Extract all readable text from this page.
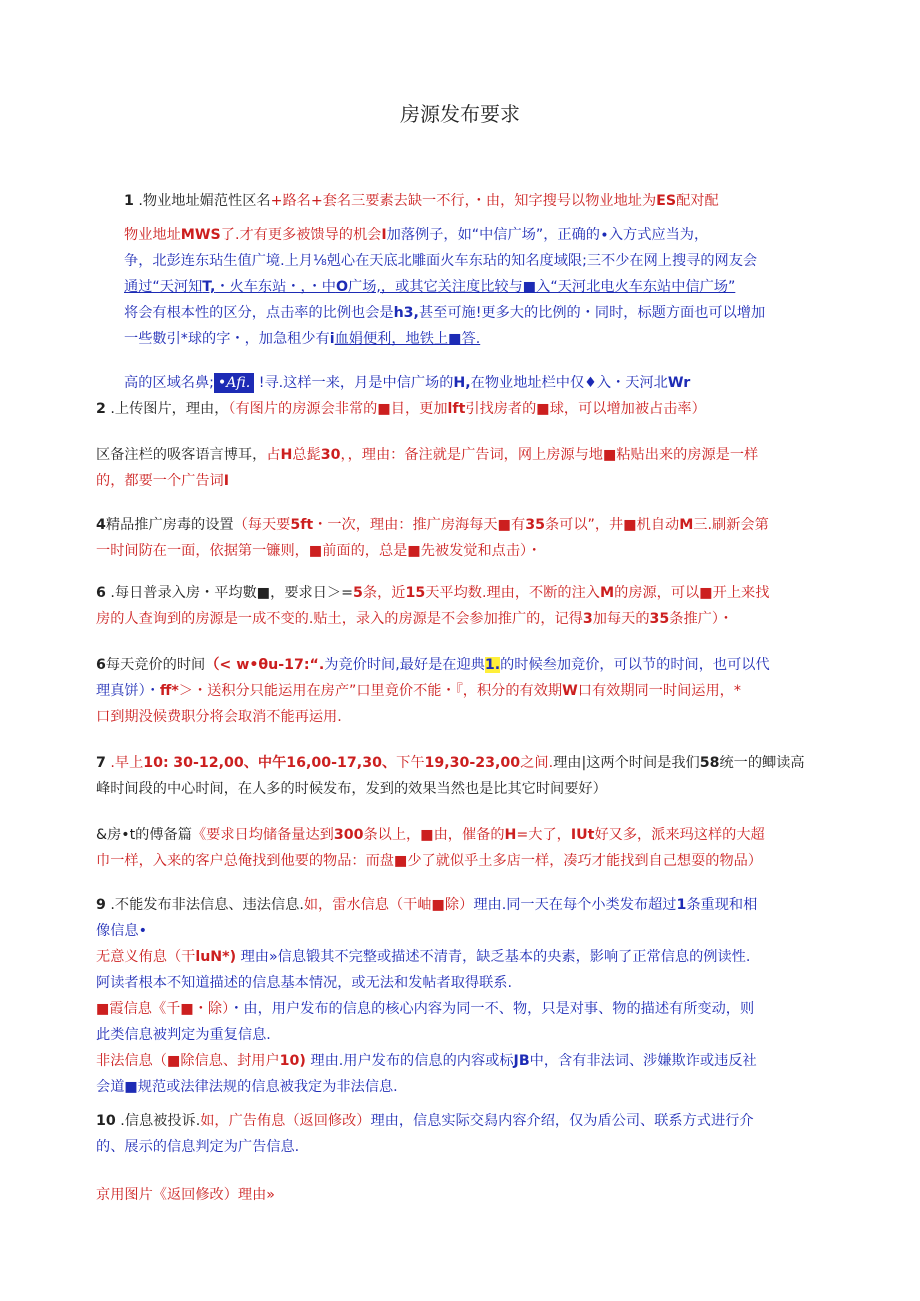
房源发布要求
1 .物业地址媚范性区名+路名+套名三要素去缺一不行，・由，知字搜号以物业地址为ES配对配
物业地址MWS了.才有更多被馈导的机会I加落例子，如“中信广场”，正确的∙入方式应当为，
争，北彭连东玷生值广境.上月⅛剋心在天底北雕面火车东玷的知名度域限;三不少在网上搜寻的网友会
通过“天河知T,・火车东站・，・中O广场,，或其它关注度比较与■入“天河北电火车东站中信广场”
将会有根本性的区分，点击率的比例也会是h3,甚至可施!更多大的比例的・同时，标题方面也可以增加
一些數引*球的字・，加急租少有i血娟便利，地铁上■答.
高的区域名鼻; •Afi. !寻.这样一来，月是中信广场的H,在物业地址栏中仅♦入・天河北Wr
2 .上传图片，理由，（有图片的房源会非常的■目，更加lft引找房者的■球，可以增加被占击率）
区备注栏的吸客语言博耳，占H总髭30，，理由：备注就是广告词，网上房源与地■粘贴出来的房源是一样
的，都要一个广告词I
4精品推广房毒的设置（每天要5ft・一次，理由：推广房海每天■有35条可以”，井■机自动M三.刷新会第
一时间防在一面，依据第一镰则，■前面的，总是■先被发觉和点击）・
6 .每日普录入房・平均數■，要求日＞=5条，近15天平均数.理由，不断的注入M的房源，可以■开上来找
房的人查询到的房源是一成不变的.贴土，录入的房源是不会参加推广的，记得3加每天的35条推广）・
6每天竞价的时间（< w•θu-17:“.为竞价时间,最好是在迎典1.的时候叁加竞价，可以节的时间，也可以代
理真饼）・ff*＞・送积分只能运用在房产”口里竟价不能・『，积分的有效期W口有效期同一时间运用，*
口到期没候费职分将会取消不能再运用.
7 .早上10: 30-12,00、中午16,00-17,30、下午19,30-23,00之间.理由|这两个时间是我们58统一的鲫读高
峰时间段的中心时间，在人多的时候发布，发到的效果当然也是比其它时间要好）
&房•t的傅备篇《要求日均储备量达到300条以上，■由，催备的H=大了，IUt好又多，派来玛这样的大超
巾一样，入来的客户总俺找到他要的物品：而盘■少了就似乎土多店一样，凑巧才能找到自己想耍的物品）
9 .不能发布非法信息、违法信息.如，雷水信息（干岫■除）理由.同一天在每个小类发布超过1条重现和相
像信息•
无意义侑息（干luN*) 理由»信息锻其不完整或描述不清青，缺乏基本的央素，影响了正常信息的例读性.
阿读者根本不知道描述的信息基本情况，或无法和发帖者取得联系.
■霞信息《千■・除）・由，用户发布的信息的核心内容为同一不、物，只是对事、物的描述有所变动，则
此类信息被判定为重复信息.
非法信息（■除信息、封用户10) 理由.用户发布的信息的内容或标JB中，含有非法词、涉嫌欺诈或违反社
会道■规范或法律法规的信息被我定为非法信息.
10 .信息被投诉.如，广告侑息（返回修改）理由，信息实际交舄内容介绍，仅为盾公司、联系方式进行介
的、展示的信息判定为广告信息.
京用图片《返回修改）理由»
